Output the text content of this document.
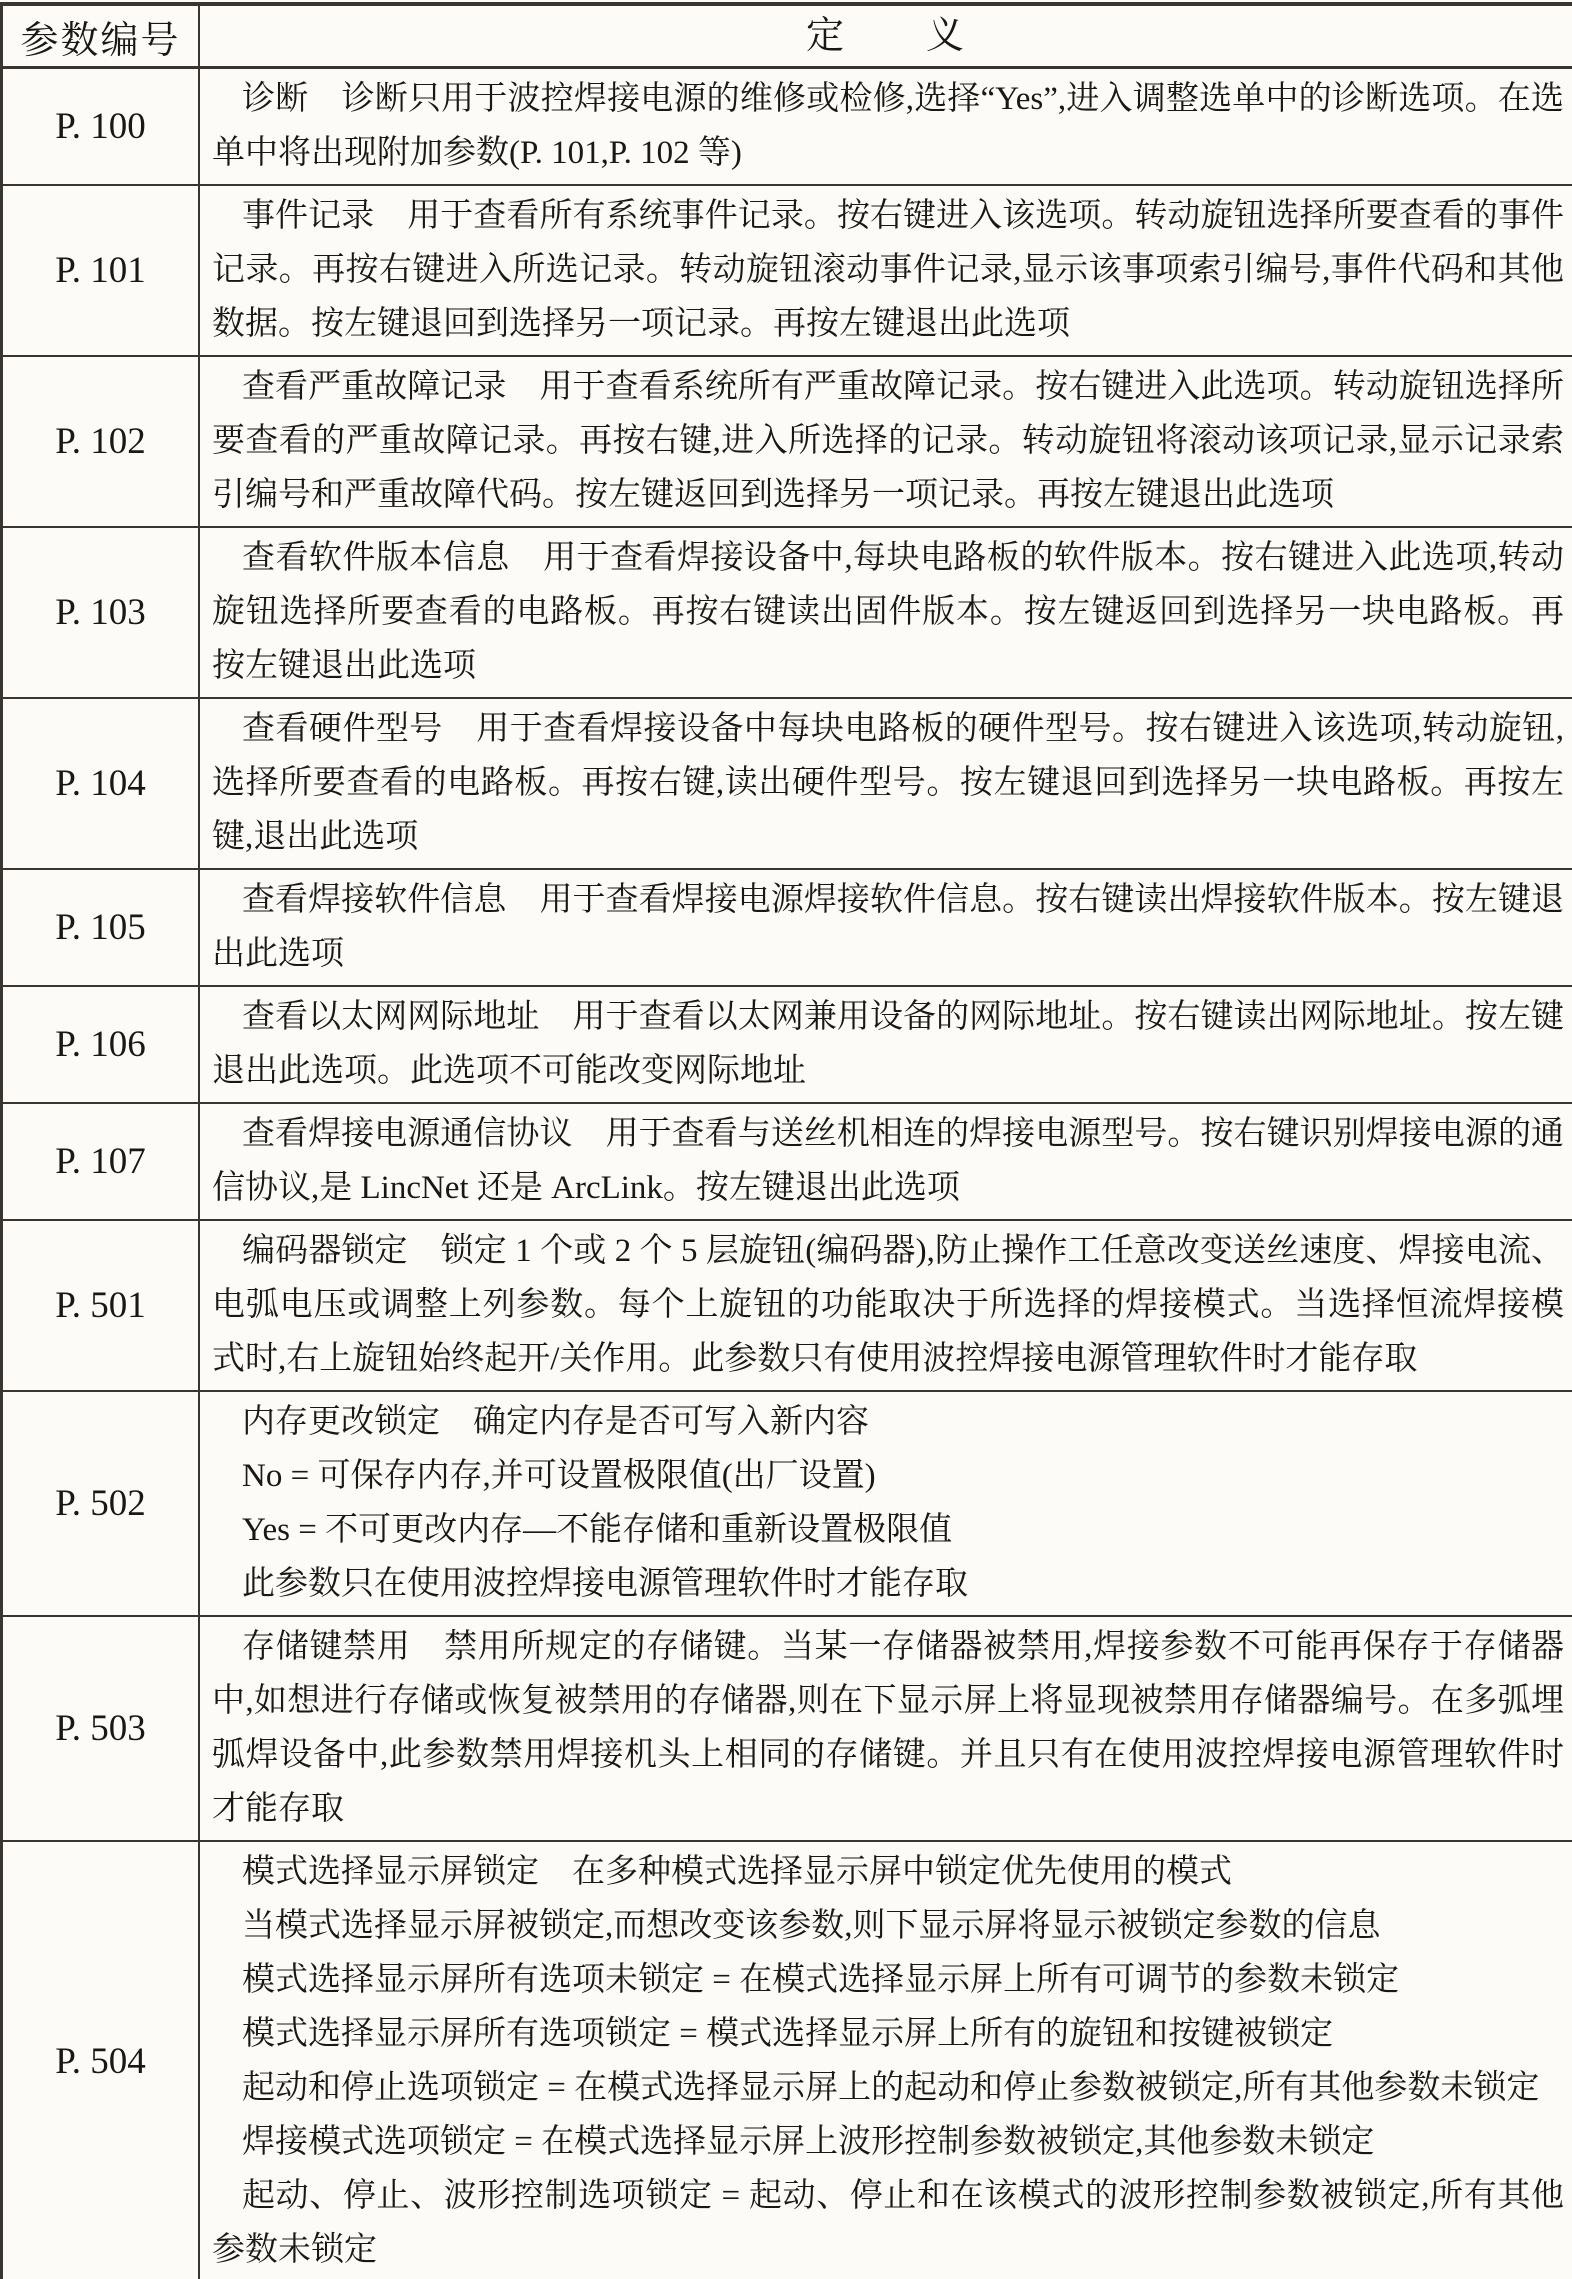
参数编号	定　　义
P. 100

诊断　诊断只用于波控焊接电源的维修或检修,选择“Yes”,进入调整选单中的诊断选项。在选单中将出现附加参数(P. 101,P. 102 等)

P. 101

事件记录　用于查看所有系统事件记录。按右键进入该选项。转动旋钮选择所要查看的事件记录。再按右键进入所选记录。转动旋钮滚动事件记录,显示该事项索引编号,事件代码和其他数据。按左键退回到选择另一项记录。再按左键退出此选项

P. 102

查看严重故障记录　用于查看系统所有严重故障记录。按右键进入此选项。转动旋钮选择所要查看的严重故障记录。再按右键,进入所选择的记录。转动旋钮将滚动该项记录,显示记录索引编号和严重故障代码。按左键返回到选择另一项记录。再按左键退出此选项

P. 103

查看软件版本信息　用于查看焊接设备中,每块电路板的软件版本。按右键进入此选项,转动旋钮选择所要查看的电路板。再按右键读出固件版本。按左键返回到选择另一块电路板。再按左键退出此选项

P. 104

查看硬件型号　用于查看焊接设备中每块电路板的硬件型号。按右键进入该选项,转动旋钮,选择所要查看的电路板。再按右键,读出硬件型号。按左键退回到选择另一块电路板。再按左键,退出此选项

P. 105

查看焊接软件信息　用于查看焊接电源焊接软件信息。按右键读出焊接软件版本。按左键退出此选项

P. 106

查看以太网网际地址　用于查看以太网兼用设备的网际地址。按右键读出网际地址。按左键退出此选项。此选项不可能改变网际地址

P. 107

查看焊接电源通信协议　用于查看与送丝机相连的焊接电源型号。按右键识别焊接电源的通信协议,是 LincNet 还是 ArcLink。按左键退出此选项

P. 501

编码器锁定　锁定 1 个或 2 个 5 层旋钮(编码器),防止操作工任意改变送丝速度、焊接电流、电弧电压或调整上列参数。每个上旋钮的功能取决于所选择的焊接模式。当选择恒流焊接模式时,右上旋钮始终起开/关作用。此参数只有使用波控焊接电源管理软件时才能存取

P. 502

内存更改锁定　确定内存是否可写入新内容

No = 可保存内存,并可设置极限值(出厂设置)

Yes = 不可更改内存—不能存储和重新设置极限值

此参数只在使用波控焊接电源管理软件时才能存取

P. 503

存储键禁用　禁用所规定的存储键。当某一存储器被禁用,焊接参数不可能再保存于存储器中,如想进行存储或恢复被禁用的存储器,则在下显示屏上将显现被禁用存储器编号。在多弧埋弧焊设备中,此参数禁用焊接机头上相同的存储键。并且只有在使用波控焊接电源管理软件时才能存取

P. 504

模式选择显示屏锁定　在多种模式选择显示屏中锁定优先使用的模式

当模式选择显示屏被锁定,而想改变该参数,则下显示屏将显示被锁定参数的信息

模式选择显示屏所有选项未锁定 = 在模式选择显示屏上所有可调节的参数未锁定

模式选择显示屏所有选项锁定 = 模式选择显示屏上所有的旋钮和按键被锁定

起动和停止选项锁定 = 在模式选择显示屏上的起动和停止参数被锁定,所有其他参数未锁定

焊接模式选项锁定 = 在模式选择显示屏上波形控制参数被锁定,其他参数未锁定

起动、停止、波形控制选项锁定 = 起动、停止和在该模式的波形控制参数被锁定,所有其他参数未锁定
